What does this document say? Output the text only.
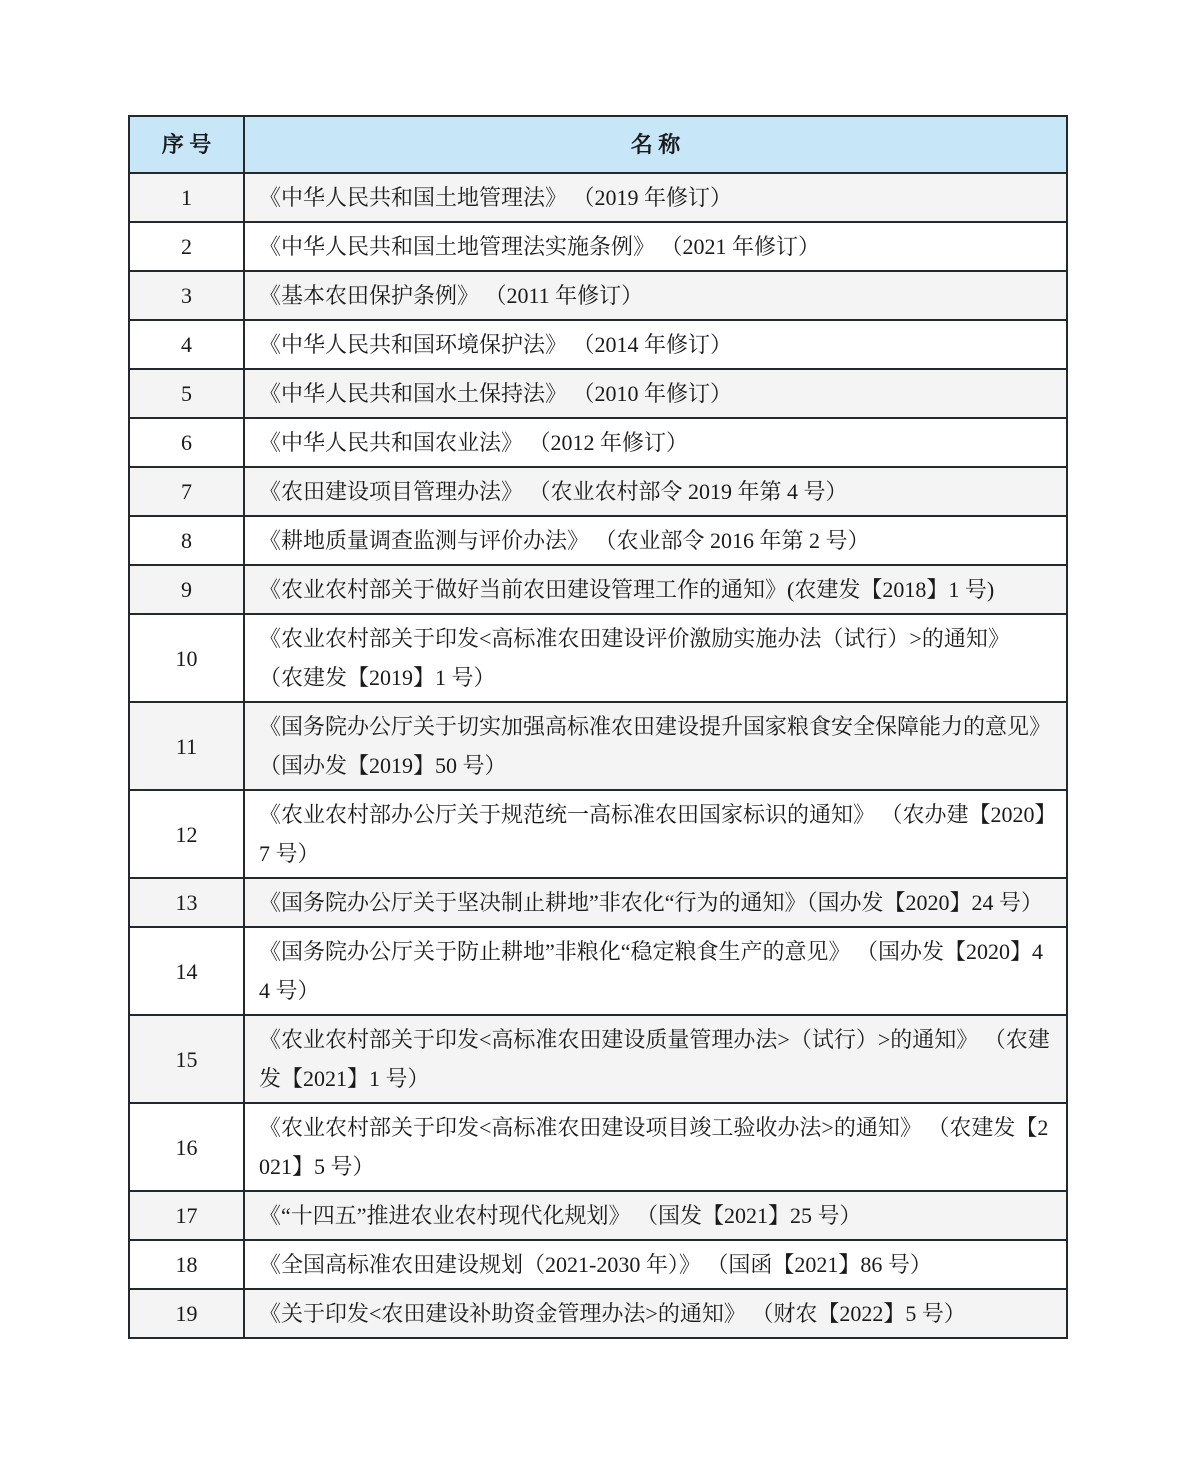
序 号	名 称
1	《中华人民共和国土地管理法》 （2019 年修订）
2	《中华人民共和国土地管理法实施条例》 （2021 年修订）
3	《基本农田保护条例》 （2011 年修订）
4	《中华人民共和国环境保护法》 （2014 年修订）
5	《中华人民共和国水土保持法》 （2010 年修订）
6	《中华人民共和国农业法》 （2012 年修订）
7	《农田建设项目管理办法》 （农业农村部令 2019 年第 4 号）
8	《耕地质量调查监测与评价办法》 （农业部令 2016 年第 2 号）
9	《农业农村部关于做好当前农田建设管理工作的通知》(农建发【2018】1 号)
10	《农业农村部关于印发<高标准农田建设评价激励实施办法（试行）>的通知》 （农建发【2019】1 号）
11	《国务院办公厅关于切实加强高标准农田建设提升国家粮食安全保障能力的意见》 （国办发【2019】50 号）
12	《农业农村部办公厅关于规范统一高标准农田国家标识的通知》 （农办建【2020】7 号）
13	《国务院办公厅关于坚决制止耕地”非农化“行为的通知》（国办发【2020】24 号）
14	《国务院办公厅关于防止耕地”非粮化“稳定粮食生产的意见》 （国办发【2020】44 号）
15	《农业农村部关于印发<高标准农田建设质量管理办法>（试行）>的通知》 （农建发【2021】1 号）
16	《农业农村部关于印发<高标准农田建设项目竣工验收办法>的通知》 （农建发【2021】5 号）
17	《“十四五”推进农业农村现代化规划》 （国发【2021】25 号）
18	《全国高标准农田建设规划（2021-2030 年）》 （国函【2021】86 号）
19	《关于印发<农田建设补助资金管理办法>的通知》 （财农【2022】5 号）
